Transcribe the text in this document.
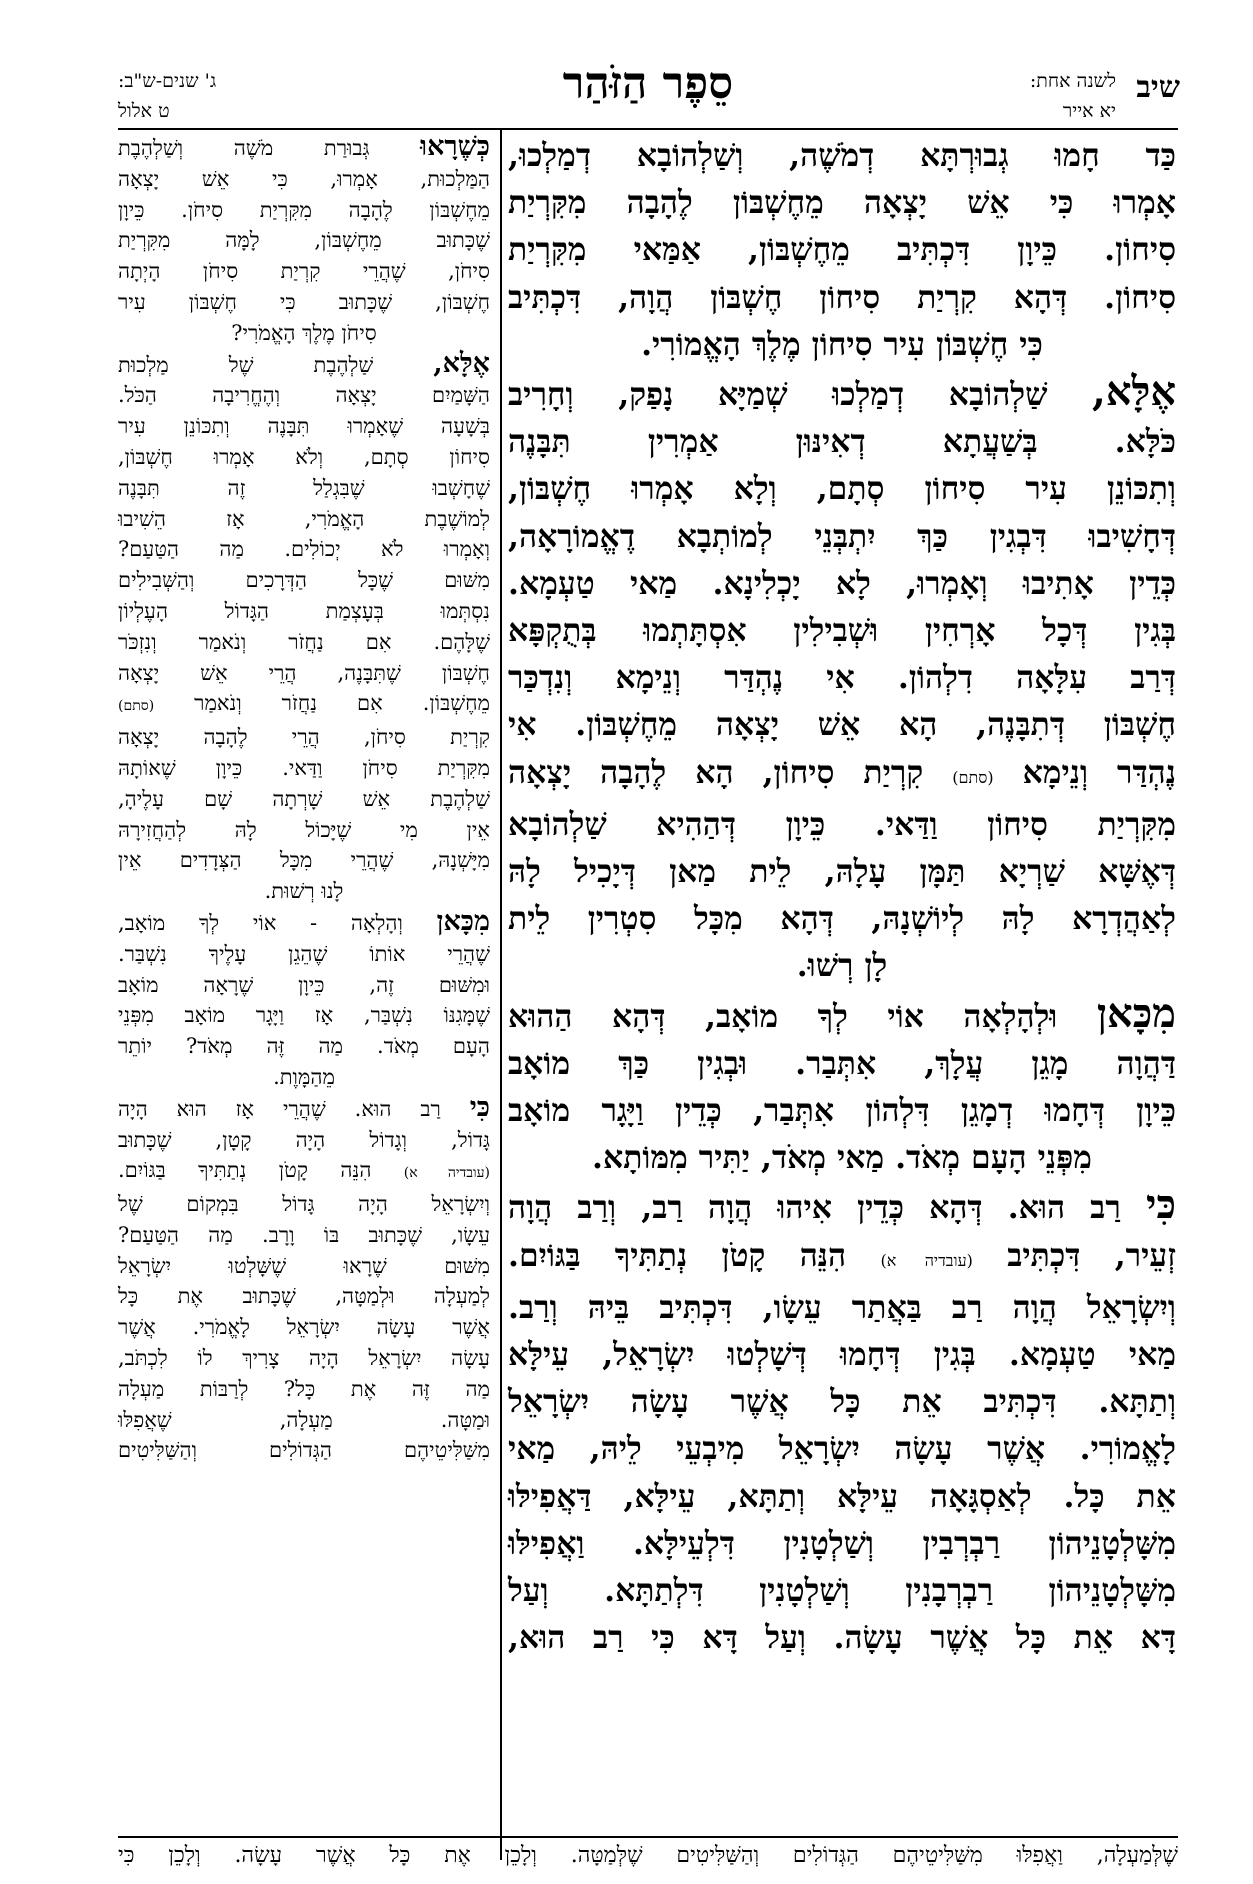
שיב
לשנה אחת:
יא אייר
סֵפֶר הַזֹּהַר
ג' שנים-ש"ב:
ט אלול

כַּד חָמוּ גְבוּרְתָּא דְמֹשֶׁה, וְשַׁלְהוֹבָא דְמַלְכוּ,

אָמְרוּ כִּי אֵשׁ יָצְאָה מֵחֶשְׁבּוֹן לֶהָבָה מִקִּרְיַת

סִיחוֹן. כֵּיוָן דִּכְתִּיב מֵחֶשְׁבּוֹן, אַמַּאי מִקִּרְיַת

סִיחוֹן. דְּהָא קִרְיַת סִיחוֹן חֶשְׁבּוֹן הֲוָה, דִּכְתִּיב

כִּי חֶשְׁבּוֹן עִיר סִיחוֹן מֶלֶךְ הָאֱמוֹרִי.

אֶלָּא, שַׁלְהוֹבָא דְמַלְכוּ שְׁמַיָּא נָפַק, וְחָרִיב

כֹּלָּא. בְּשַׁעֲתָא דְאִינּוּן אַמְרִין תִּבָּנֶה

וְתִכּוֹנֵן עִיר סִיחוֹן סְתָם, וְלָא אָמְרוּ חֶשְׁבּוֹן,

דְּחָשִׁיבוּ דִּבְגִין כַּךְ יִתְבְּנֵי לְמוֹתְבָא דֶאֱמוֹרָאָה,

כְּדֵין אָתִיבוּ וְאָמְרוּ, לָא יָכְלִינָא. מַאי טַעְמָא.

בְּגִין דְּכָל אָרְחִין וּשְׁבִילִין אִסְתָּתְמוּ בְּתֻקְפָּא

דְּרַב עִלָּאָה דִלְהוֹן. אִי נֶהְדַּר וְנֵימָא וְנִדְכַּר

חֶשְׁבּוֹן דְּתִבָּנֶה, הָא אֵשׁ יָצְאָה מֵחֶשְׁבּוֹן. אִי

נֶהְדַּר וְנֵימָא (סתם) קִרְיַת סִיחוֹן, הָא לֶהָבָה יָצְאָה

מִקִּרְיַת סִיחוֹן וַדַּאי. כֵּיוָן דְּהַהִיא שַׁלְהוֹבָא

דְּאֶשָּׁא שַׁרְיָא תַּמָּן עָלָהּ, לֵית מַאן דְּיָכִיל לָהּ

לְאַהֲדְרָא לָהּ לְיוֹשְׁנָהּ, דְּהָא מִכָּל סִטְרִין לֵית

לָן רְשׁוּ.

מִכָּאן וּלְהָלְאָה אוֹי לְךָ מוֹאָב, דְּהָא הַהוּא

דַּהֲוָה מָגֵן עֲלָךְ, אִתְּבַר. וּבְגִין כַּךְ מוֹאָב

כֵּיוָן דְּחָמוּ דְמָגֵן דִּלְהוֹן אִתְּבַר, כְּדֵין וַיָּגָר מוֹאָב

מִפְּנֵי הָעָם מְאֹד. מַאי מְאֹד, יַתִּיר מִמּוֹתָא.

כִּי רַב הוּא. דְּהָא כְּדֵין אִיהוּ הֲוָה רַב, וְרַב הֲוָה

זְעֵיר, דִּכְתִּיב (עובדיה א) הִנֵּה קָטֹן נְתַתִּיךָ בַּגּוֹיִם.

וְיִשְׂרָאֵל הֲוָה רַב בַּאֲתַר עֵשָׂו, דִּכְתִּיב בֵּיהּ וְרַב.

מַאי טַעְמָא. בְּגִין דְּחָמוּ דְּשָׁלְטוּ יִשְׂרָאֵל, עֵילָּא

וְתַתָּא. דִּכְתִּיב אֵת כָּל אֲשֶׁר עָשָׂה יִשְׂרָאֵל

לָאֱמוֹרִי. אֲשֶׁר עָשָׂה יִשְׂרָאֵל מִיבְעֵי לֵיהּ, מַאי

אֵת כָּל. לְאַסְגָּאָה עֵילָּא וְתַתָּא, עֵילָּא, דַּאֲפִילּוּ

מִשָּׁלְטָנֵיהוֹן רַבְרְבִין וְשַׁלְטָנִין דִּלְעֵילָּא. וַאֲפִילּוּ

מִשָּׁלְטָנֵיהוֹן רַבְרְבָנִין וְשַׁלְטָנִין דִּלְתַתָּא. וְעַל

דָּא אֵת כָּל אֲשֶׁר עָשָׂה. וְעַל דָּא כִּי רַב הוּא,

כְּשֶׁרָאוּ גְּבוּרַת מֹשֶׁה וְשַׁלְהֶבֶת

הַמַּלְכוּת, אָמְרוּ, כִּי אֵשׁ יָצְאָה

מֵחֶשְׁבּוֹן לֶהָבָה מִקִּרְיַת סִיחֹן. כֵּיוָן

שֶׁכָּתוּב מֵחֶשְׁבּוֹן, לָמָּה מִקִּרְיַת

סִיחֹן, שֶׁהֲרֵי קִרְיַת סִיחֹן הָיְתָה

חֶשְׁבּוֹן, שֶׁכָּתוּב כִּי חֶשְׁבּוֹן עִיר

סִיחֹן מֶלֶךְ הָאֱמֹרִי?

אֶלָּא, שַׁלְהֶבֶת שֶׁל מַלְכוּת

הַשָּׁמַיִם יָצְאָה וְהֶחֱרִיבָה הַכֹּל.

בְּשָׁעָה שֶׁאָמְרוּ תִּבָּנֶה וְתִכּוֹנֵן עִיר

סִיחוֹן סְתָם, וְלֹא אָמְרוּ חֶשְׁבּוֹן,

שֶׁחָשְׁבוּ שֶׁבִּגְלַל זֶה תִּבָּנֶה

לְמוֹשֶׁבֶת הָאֱמֹרִי, אָז הֵשִׁיבוּ

וְאָמְרוּ לֹא יְכוֹלִים. מַה הַטַּעַם?

מִשּׁוּם שֶׁכָּל הַדְּרָכִים וְהַשְּׁבִילִים

נִסְתְּמוּ בְּעָצְמַת הַגָּדוֹל הָעֶלְיוֹן

שֶׁלָּהֶם. אִם נַחֲזֹר וְנֹאמַר וְנִזְכֹּר

חֶשְׁבּוֹן שֶׁתִּבָּנֶה, הֲרֵי אֵשׁ יָצְאָה

מֵחֶשְׁבּוֹן. אִם נַחֲזֹר וְנֹאמַר (סתם)

קִרְיַת סִיחֹן, הֲרֵי לֶהָבָה יָצְאָה

מִקִּרְיַת סִיחֹן וַדַּאי. כֵּיוָן שֶׁאוֹתָהּ

שַׁלְהֶבֶת אֵשׁ שָׁרְתָה שָׁם עָלֶיהָ,

אֵין מִי שֶׁיָּכוֹל לָהּ לְהַחֲזִירָהּ

מִיָּשְׁנָהּ, שֶׁהֲרֵי מִכָּל הַצְּדָדִים אֵין

לָנוּ רְשׁוּת.

מִכָּאן וְהָלְאָה - אוֹי לְךָ מוֹאָב,

שֶׁהֲרֵי אוֹתוֹ שֶׁהֵגֵן עָלֶיךָ נִשְׁבַּר.

וּמִשּׁוּם זֶה, כֵּיוָן שֶׁרָאָה מוֹאָב

שֶׁמָּגִנּוֹ נִשְׁבַּר, אָז וַיָּגָר מוֹאָב מִפְּנֵי

הָעָם מְאֹד. מַה זֶּה מְאֹד? יוֹתֵר

מֵהַמָּוֶת.

כִּי רַב הוּא. שֶׁהֲרֵי אָז הוּא הָיָה

גָּדוֹל, וְגָדוֹל הָיָה קָטָן, שֶׁכָּתוּב

(עובדיה א) הִנֵּה קָטֹן נְתַתִּיךָ בַּגּוֹיִם.

וְיִשְׂרָאֵל הָיָה גָּדוֹל בִּמְקוֹם שֶׁל

עֵשָׂו, שֶׁכָּתוּב בּוֹ וָרָב. מַה הַטַּעַם?

מִשּׁוּם שֶׁרָאוּ שֶׁשָּׁלְטוּ יִשְׂרָאֵל

לְמַעְלָה וּלְמַטָּה, שֶׁכָּתוּב אֶת כָּל

אֲשֶׁר עָשָׂה יִשְׂרָאֵל לָאֱמֹרִי. אֲשֶׁר

עָשָׂה יִשְׂרָאֵל הָיָה צָרִיךְ לוֹ לִכְתֹּב,

מַה זֶּה אֶת כָּל? לְרַבּוֹת מַעְלָה

וּמַטָּה. מַעְלָה, שֶׁאֲפִלּוּ

מִשַּׁלִּיטֵיהֶם הַגְּדוֹלִים וְהַשַּׁלִּיטִים

שֶׁלְּמַעְלָה, וַאֲפִלּוּ מִשַּׁלִּיטֵיהֶם הַגְּדוֹלִים וְהַשַּׁלִּיטִים שֶׁלְּמַטָּה. וְלָכֵן אֶת כָּל אֲשֶׁר עָשָׂה. וְלָכֵן כִּי
